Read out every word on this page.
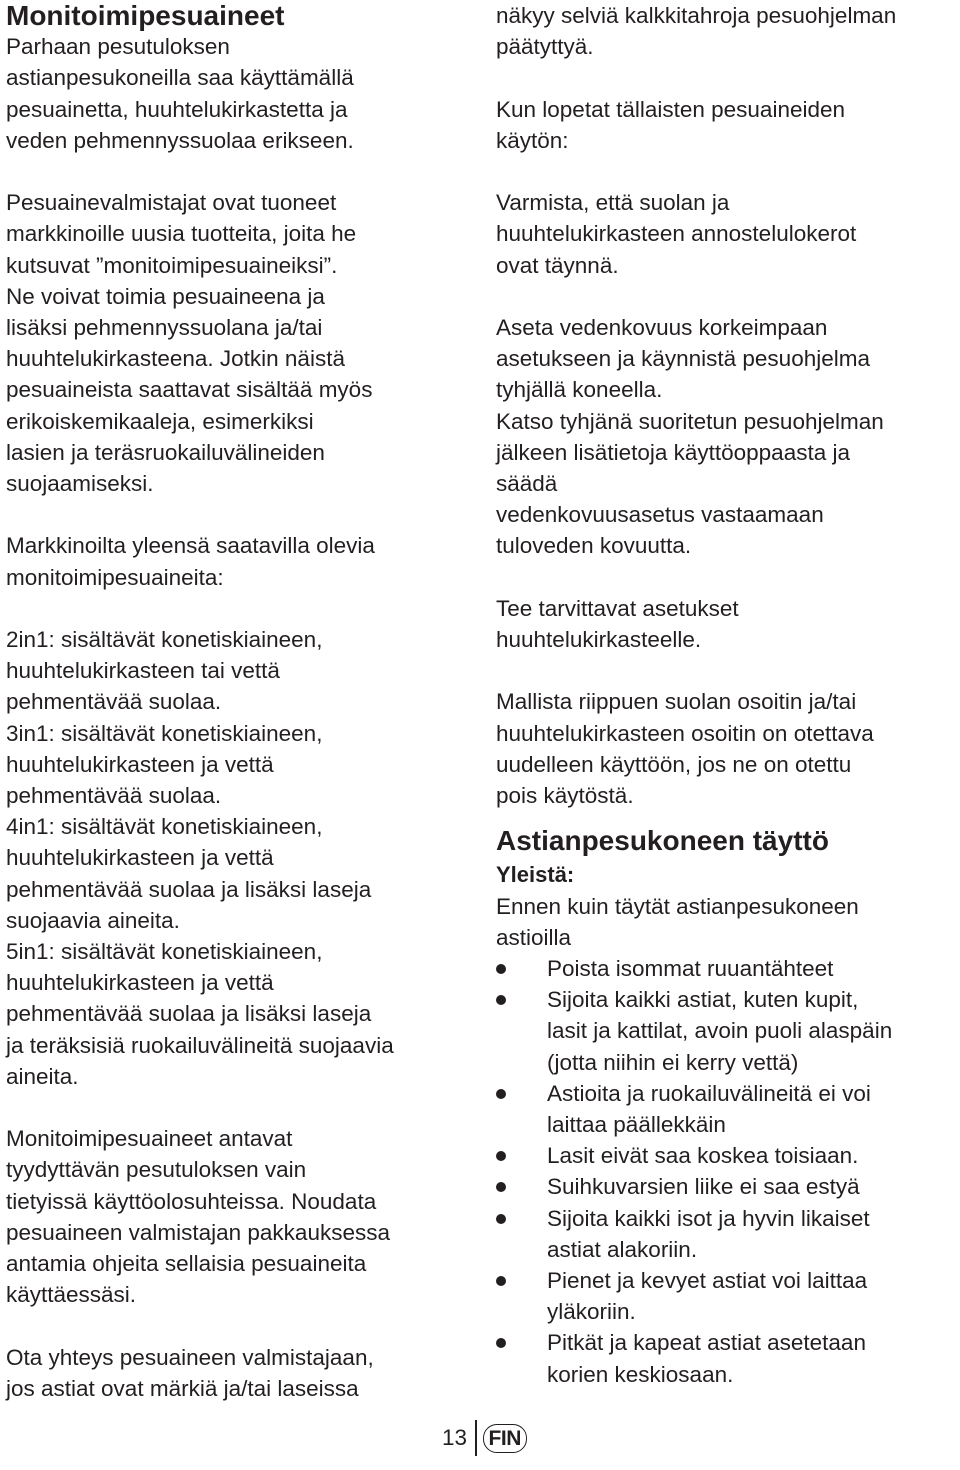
Monitoimipesuaineet
Parhaan pesutuloksen
astianpesukoneilla saa käyttämällä
pesuainetta, huuhtelukirkastetta ja
veden pehmennyssuolaa erikseen.
Pesuainevalmistajat ovat tuoneet
markkinoille uusia tuotteita, joita he
kutsuvat ”monitoimipesuaineiksi”.
Ne voivat toimia pesuaineena ja
lisäksi pehmennyssuolana ja/tai
huuhtelukirkasteena. Jotkin näistä
pesuaineista saattavat sisältää myös
erikoiskemikaaleja, esimerkiksi
lasien ja teräsruokailuvälineiden
suojaamiseksi.
Markkinoilta yleensä saatavilla olevia
monitoimipesuaineita:
2in1: sisältävät konetiskiaineen,
huuhtelukirkasteen tai vettä
pehmentävää suolaa.
3in1: sisältävät konetiskiaineen,
huuhtelukirkasteen ja vettä
pehmentävää suolaa.
4in1: sisältävät konetiskiaineen,
huuhtelukirkasteen ja vettä
pehmentävää suolaa ja lisäksi laseja
suojaavia aineita.
5in1: sisältävät konetiskiaineen,
huuhtelukirkasteen ja vettä
pehmentävää suolaa ja lisäksi laseja
ja teräksisiä ruokailuvälineitä suojaavia
aineita.
Monitoimipesuaineet antavat
tyydyttävän pesutuloksen vain
tietyissä käyttöolosuhteissa. Noudata
pesuaineen valmistajan pakkauksessa
antamia ohjeita sellaisia pesuaineita
käyttäessäsi.
Ota yhteys pesuaineen valmistajaan,
jos astiat ovat märkiä ja/tai laseissa
näkyy selviä kalkkitahroja pesuohjelman
päätyttyä.
Kun lopetat tällaisten pesuaineiden
käytön:
Varmista, että suolan ja
huuhtelukirkasteen annostelulokerot
ovat täynnä.
Aseta vedenkovuus korkeimpaan
asetukseen ja käynnistä pesuohjelma
tyhjällä koneella.
Katso tyhjänä suoritetun pesuohjelman
jälkeen lisätietoja käyttöoppaasta ja
säädä
vedenkovuusasetus vastaamaan
tuloveden kovuutta.
Tee tarvittavat asetukset
huuhtelukirkasteelle.
Mallista riippuen suolan osoitin ja/tai
huuhtelukirkasteen osoitin on otettava
uudelleen käyttöön, jos ne on otettu
pois käytöstä.
Astianpesukoneen täyttö
Yleistä:
Ennen kuin täytät astianpesukoneen
astioilla
Poista isommat ruuantähteet
Sijoita kaikki astiat, kuten kupit,
lasit ja kattilat, avoin puoli alaspäin
(jotta niihin ei kerry vettä)
Astioita ja ruokailuvälineitä ei voi
laittaa päällekkäin
Lasit eivät saa koskea toisiaan.
Suihkuvarsien liike ei saa estyä
Sijoita kaikki isot ja hyvin likaiset
astiat alakoriin.
Pienet ja kevyet astiat voi laittaa
yläkoriin.
Pitkät ja kapeat astiat asetetaan
korien keskiosaan.
13	FIN
